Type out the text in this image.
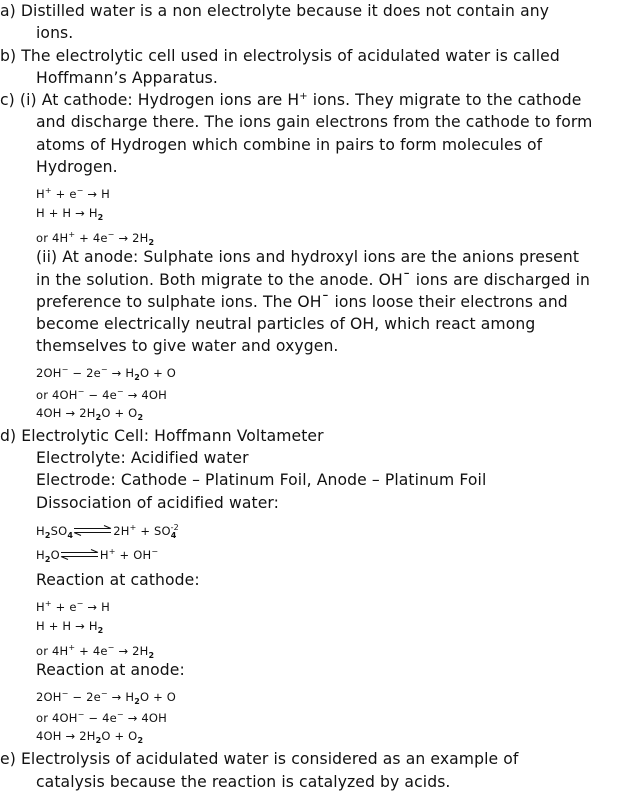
a) Distilled water is a non electrolyte because it does not contain any
ions.
b) The electrolytic cell used in electrolysis of acidulated water is called
Hoffmann’s Apparatus.
c) (i) At cathode: Hydrogen ions are H+ ions. They migrate to the cathode
and discharge there. The ions gain electrons from the cathode to form
atoms of Hydrogen which combine in pairs to form molecules of
Hydrogen.
H+ + e− → H
$H + H \to H_2$
or $4H^+ + 4e^- \to 2H_2$
(ii) At anode: Sulphate ions and hydroxyl ions are the anions present
in the solution. Both migrate to the anode. OH¯ ions are discharged in
preference to sulphate ions. The OH¯ ions loose their electrons and
become electrically neutral particles of OH, which react among
themselves to give water and oxygen.
$2OH^- - 2e^- \to H_2O + O$
or 4OH− − 4e− → 4OH
$4OH \to 2H_2O + O_2$
d) Electrolytic Cell: Hoffmann Voltameter
Electrolyte: Acidified water
Electrode: Cathode – Platinum Foil, Anode – Platinum Foil
Dissociation of acidified water:
$H_2SO_4\rightleftharpoons 2H^+ + SO_4^{-2}$
$H_2O\rightleftharpoons H^+ + OH^-$
Reaction at cathode:
H+ + e− → H
$H + H \to H_2$
or $4H^+ + 4e^- \to 2H_2$
Reaction at anode:
$2OH^- - 2e^- \to H_2O + O$
or 4OH− − 4e− → 4OH
$4OH \to 2H_2O + O_2$
e) Electrolysis of acidulated water is considered as an example of
catalysis because the reaction is catalyzed by acids.
